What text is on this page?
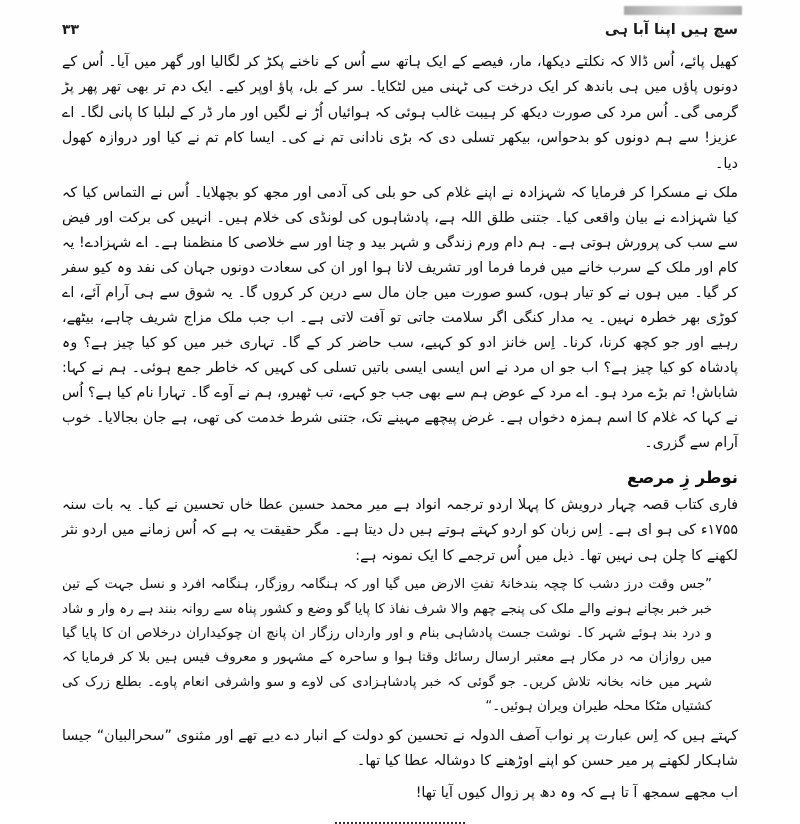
سچ ہیں اپنا آبا ہی
۳۳
کھیل پائے، اُس ڈالا کہ نکلتے دیکھا، مار، فیصے کے ایک ہاتھ سے اُس کے ناخنے پکڑ کر لگالیا اور گھر میں آیا۔ اُس کے دونوں پاؤں میں ہی باندھ کر ایک درخت کی ٹہنی میں لٹکایا۔ سر کے بل، پاؤ اوپر کیے۔ ایک دم تر بھی تھر پھر پڑ گرمی گی۔ اُس مرد کی صورت دیکھ کر ہیبت غالب ہوئی کہ ہوائیاں اُڑ نے لگیں اور مار ڈر کے لبلبا کا پانی لگا۔ اے عزیز! سے ہم دونوں کو بدحواس، بیکھر تسلی دی کہ بڑی نادانی تم نے کی۔ ایسا کام تم نے کیا اور دروازہ کھول دیا۔
ملک نے مسکرا کر فرمایا کہ شہزادہ نے اپنے غلام کی حو بلی کی آدمی اور مجھ کو بچھلایا۔ اُس نے التماس کیا کہ کیا شہزادے نے بیان واقعی کیا۔ جتنی طلق اللہ ہے، پادشاہوں کی لونڈی کی خلام ہیں۔ انہیں کی برکت اور فیض سے سب کی پرورش ہوتی ہے۔ ہم دام ورم زندگی و شہر بید و چنا اور سے خلاصی کا منظمنا ہے۔ اے شہزادے! یہ کام اور ملک کے سرب خانے میں فرما فرما اور تشریف لانا ہوا اور ان کی سعادت دونوں جہان کی نفد وہ کیو سفر کر گیا۔ میں ہوں نے کو تیار ہوں، کسو صورت میں جان مال سے درین کر کروں گا۔ یہ شوق سے ہی آرام آئے، اے کوڑی بھر خطرہ نہیں۔ یہ مدار کنگی اگر سلامت جاتی تو آفت لاتی ہے۔ اب جب ملک مزاج شریف چاہے، بیٹھے، رہیے اور جو کچھ کرنا، کرنا۔ اِس خانز ادو کو کہیے، سب حاضر کر کے گا۔ تہاری خبر میں کو کیا چیز ہے؟ وہ پادشاہ کو کیا چیز ہے؟ اب جو اں مرد نے اس ایسی ایسی باتیں تسلی کی کہیں کہ خاطر جمع ہوئی۔ ہم نے کہا: شاباش! تم بڑے مرد ہو۔ اے مرد کے عوض ہم سے بھی جب جو کہے، تب ٹھیرو، ہم نے آوے گا۔ تہارا نام کیا ہے؟ اُس نے کہا کہ غلام کا اسم ہمزہ دخواں ہے۔ غرض پیچھے مہینے تک، جتنی شرط خدمت کی تھی، ہے جان بجالایا۔ خوب آرام سے گزری۔
نوطر زِ مرصع
فاری کتاب قصہ چہار درویش کا پہلا اردو ترجمہ انواد ہے میر محمد حسین عطا خاں تحسین نے کیا۔ یہ بات سنہ ۱۷۵۵ء کی ہو ای ہے۔ اِس زبان کو اردو کہتے ہوتے ہیں دل دیتا ہے۔ مگر حقیقت یہ ہے کہ اُس زمانے میں اردو نثر لکھنے کا چلن ہی نہیں تھا۔ ذیل میں اُس ترجمے کا ایک نمونہ ہے:
”جس وقت درز دشب کا چچہ بندخانۂ تفتِ الارض میں گیا اور کہ ہنگامہ روزگار، ہنگامہ افرد و نسل جہت کے تین خبر خبر بچانے ہونے والے ملک کی پنجے چھم والا شرف نفاذ کا پایا گو وضع و کشور پناہ سے روانہ بنند ہے رہ وار و شاد و درد بند ہوئے شہر کا۔ نوشت جست پادشاہی بنام و اور وارداں رزگار ان پانچ ان چوکیداران درخلاص ان کا پایا گیا میں روازان مہ در مکار ہے معتبر ارسال رسائل وقتا ہوا و ساحرہ کے مشہور و معروف فیس ہیں بلا کر فرمایا کہ شہر میں خانہ بخانہ تلاش کریں۔ جو گوئی کہ خبر پادشاہزادی کی لاوے و سو واشرفی انعام پاوے۔ بطلع زرک کی کشتیاں مٹکا محلہ طیران ویران ہوئیں۔“
کہتے ہیں کہ اِس عبارت پر نواب آصف الدولہ نے تحسین کو دولت کے انبار دے دیے تھے اور مثنوی ”سحرالبیان“ جیسا شاہکار لکھنے پر میر حسن کو اپنے اوڑھنے کا دوشالہ عطا کیا تھا۔
اب مجھے سمجھ آ تا ہے کہ وہ دھ پر زوال کیوں آیا تھا!
